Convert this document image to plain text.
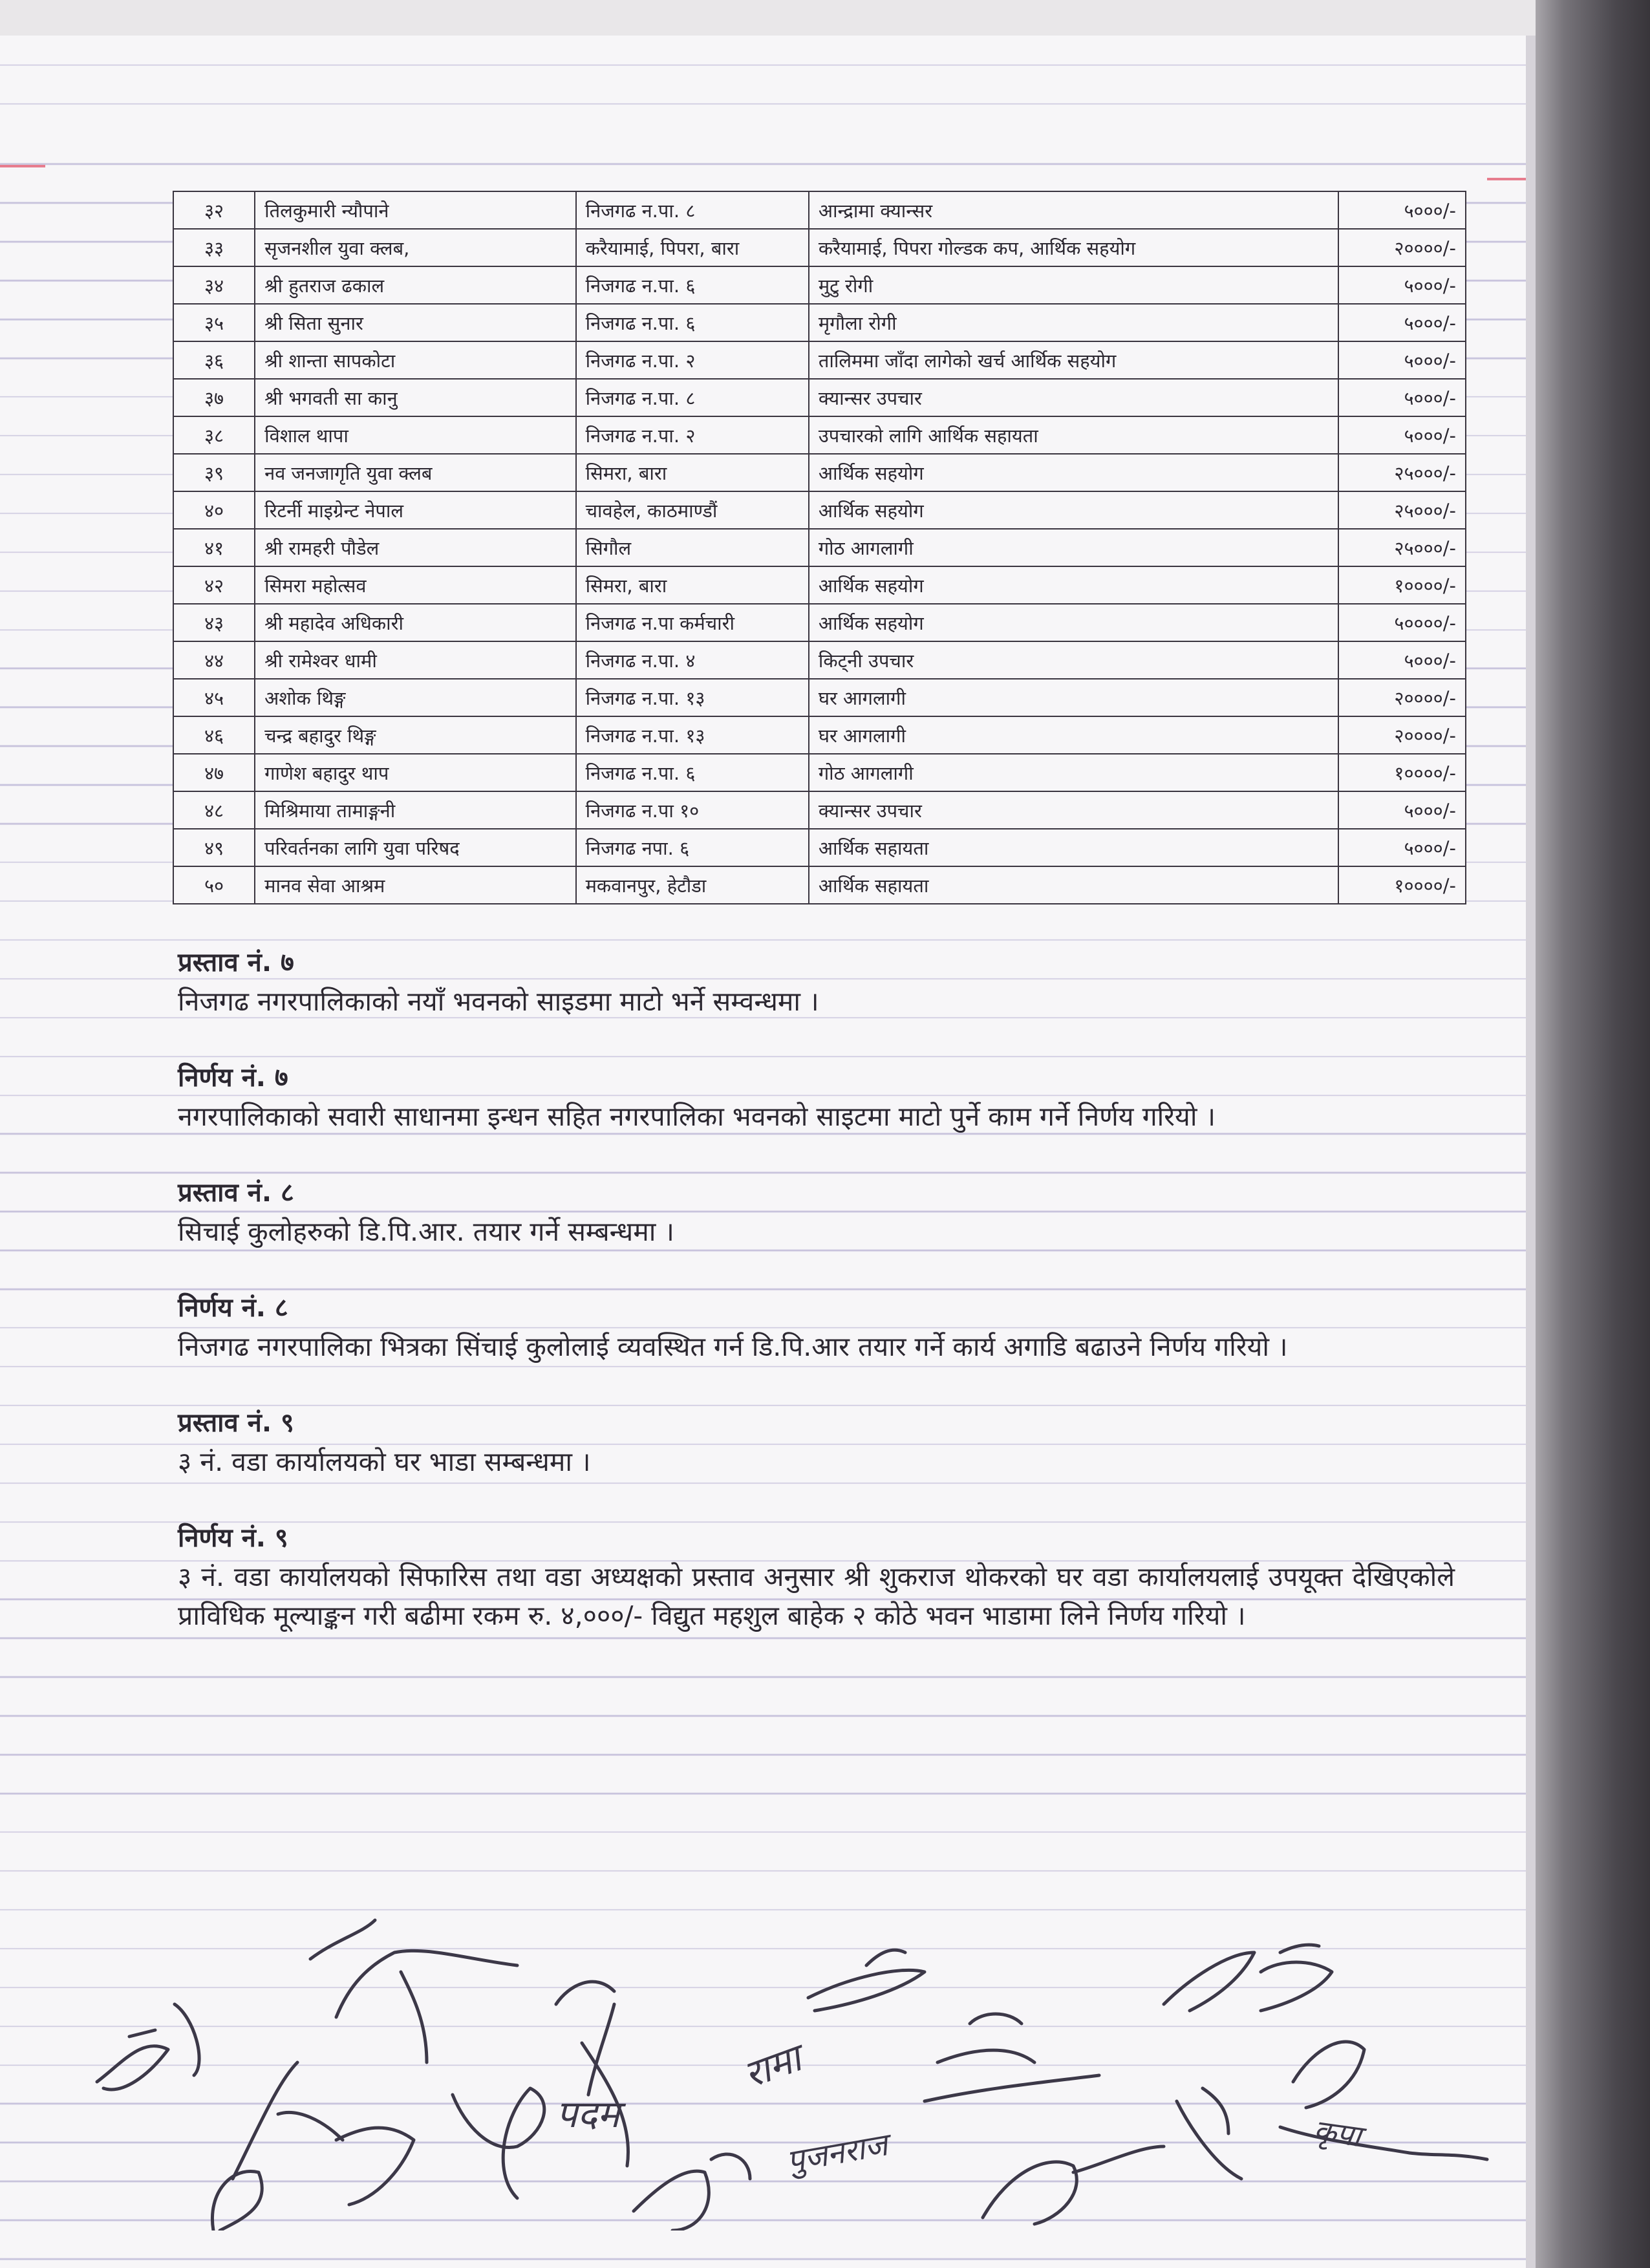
३२	तिलकुमारी न्यौपाने	निजगढ न.पा. ८	आन्द्रामा क्यान्सर	५०००/-
३३	सृजनशील युवा क्लब,	करैयामाई, पिपरा, बारा	करैयामाई, पिपरा गोल्डक कप, आर्थिक सहयोग	२००००/-
३४	श्री हुतराज ढकाल	निजगढ न.पा. ६	मुटु रोगी	५०००/-
३५	श्री सिता सुनार	निजगढ न.पा. ६	मृगौला रोगी	५०००/-
३६	श्री शान्ता सापकोटा	निजगढ न.पा. २	तालिममा जाँदा लागेको खर्च आर्थिक सहयोग	५०००/-
३७	श्री भगवती सा कानु	निजगढ न.पा. ८	क्यान्सर उपचार	५०००/-
३८	विशाल थापा	निजगढ न.पा. २	उपचारको लागि आर्थिक सहायता	५०००/-
३९	नव जनजागृति युवा क्लब	सिमरा, बारा	आर्थिक सहयोग	२५०००/-
४०	रिटर्नी माइग्रेन्ट नेपाल	चावहेल, काठमाण्डौं	आर्थिक सहयोग	२५०००/-
४१	श्री रामहरी पौडेल	सिगौल	गोठ आगलागी	२५०००/-
४२	सिमरा महोत्सव	सिमरा, बारा	आर्थिक सहयोग	१००००/-
४३	श्री महादेव अधिकारी	निजगढ न.पा कर्मचारी	आर्थिक सहयोग	५००००/-
४४	श्री रामेश्वर धामी	निजगढ न.पा. ४	किट्नी उपचार	५०००/-
४५	अशोक थिङ्ग	निजगढ न.पा. १३	घर आगलागी	२००००/-
४६	चन्द्र बहादुर थिङ्ग	निजगढ न.पा. १३	घर आगलागी	२००००/-
४७	गाणेश बहादुर थाप	निजगढ न.पा. ६	गोठ आगलागी	१००००/-
४८	मिश्रिमाया तामाङ्गनी	निजगढ न.पा १०	क्यान्सर उपचार	५०००/-
४९	परिवर्तनका लागि युवा परिषद	निजगढ नपा. ६	आर्थिक सहायता	५०००/-
५०	मानव सेवा आश्रम	मकवानपुर, हेटौडा	आर्थिक सहायता	१००००/-
प्रस्ताव नं. ७
निजगढ नगरपालिकाको नयाँ भवनको साइडमा माटो भर्ने सम्वन्धमा ।
निर्णय नं. ७
नगरपालिकाको सवारी साधानमा इन्धन सहित नगरपालिका भवनको साइटमा माटो पुर्ने काम गर्ने निर्णय गरियो ।
प्रस्ताव नं. ८
सिचाई कुलोहरुको डि.पि.आर. तयार गर्ने सम्बन्धमा ।
निर्णय नं. ८
निजगढ नगरपालिका भित्रका सिंचाई कुलोलाई व्यवस्थित गर्न डि.पि.आर तयार गर्ने कार्य अगाडि बढाउने निर्णय गरियो ।
प्रस्ताव नं. ९
३ नं. वडा कार्यालयको घर भाडा सम्बन्धमा ।
निर्णय नं. ९
३ नं. वडा कार्यालयको सिफारिस तथा वडा अध्यक्षको प्रस्ताव अनुसार श्री शुकराज थोकरको घर वडा कार्यालयलाई उपयूक्त देखिएकोले प्राविधिक मूल्याङ्कन गरी बढीमा रकम रु. ४,०००/- विद्युत महशुल बाहेक २ कोठे भवन भाडामा लिने निर्णय गरियो ।
पदम
रामा
पुजनराज	कृपा
